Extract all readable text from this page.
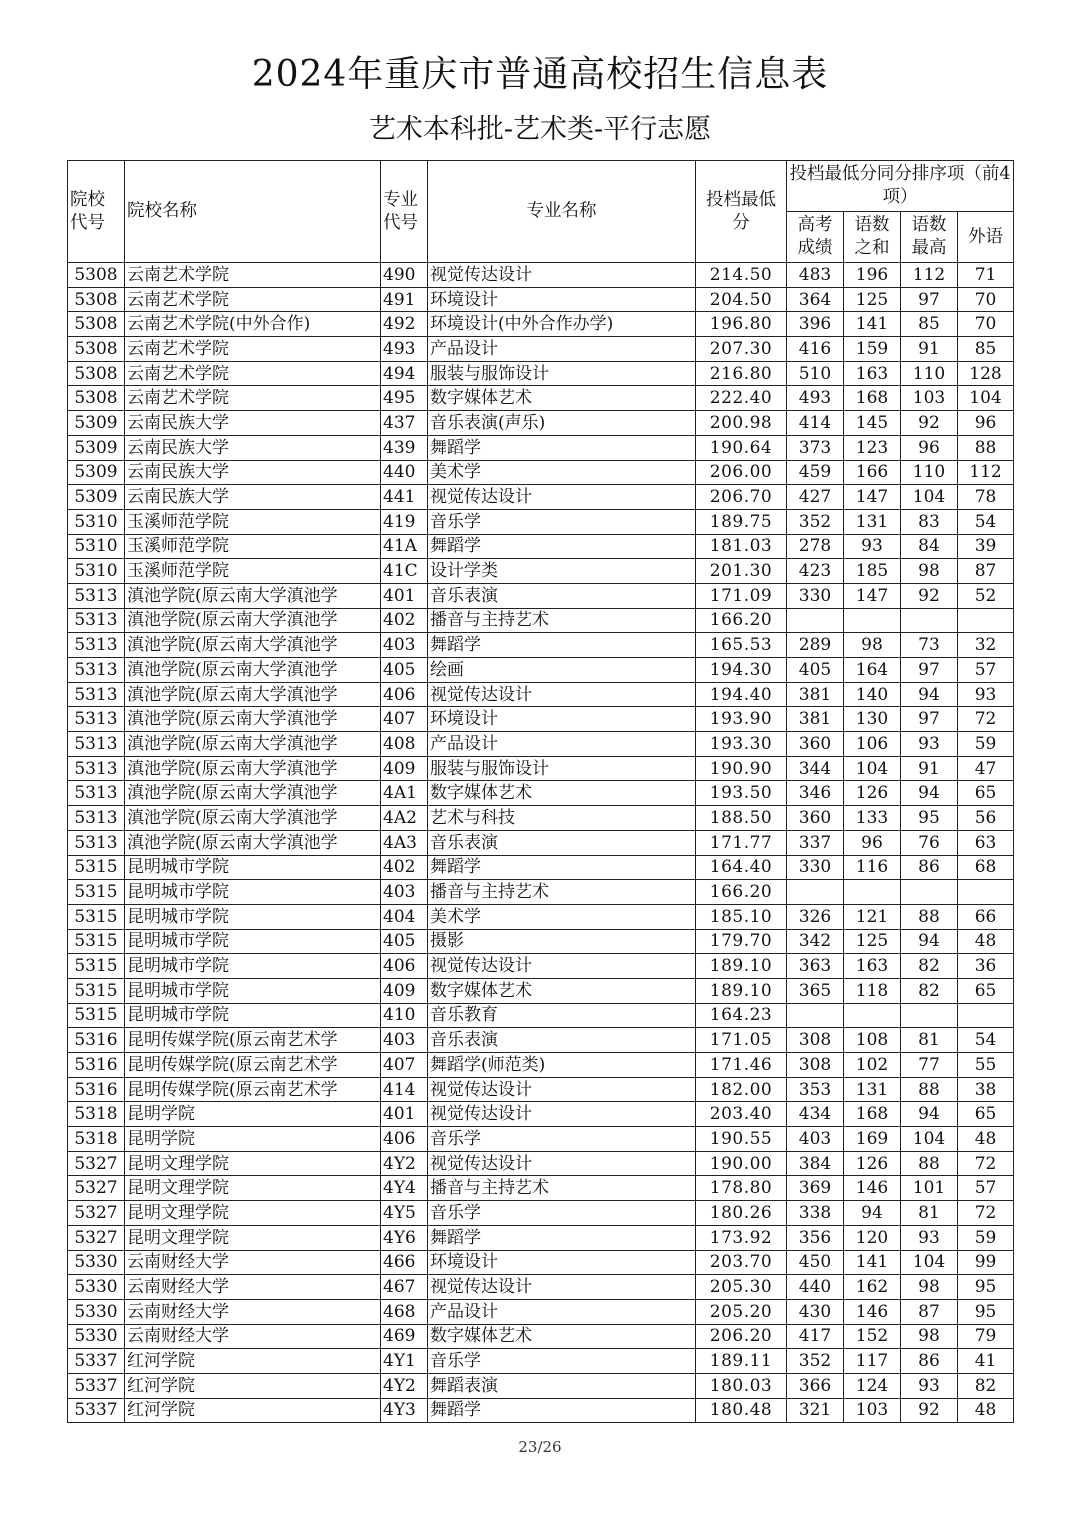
2024年重庆市普通高校招生信息表
艺术本科批-艺术类-平行志愿
院校代号	院校名称	专业代号	专业名称	投档最低分	投档最低分同分排序项（前4项）			
					高考成绩	语数之和	语数最高	外语
5308	云南艺术学院	490	视觉传达设计	214.50	483	196	112	71
5308	云南艺术学院	491	环境设计	204.50	364	125	97	70
5308	云南艺术学院(中外合作)	492	环境设计(中外合作办学)	196.80	396	141	85	70
5308	云南艺术学院	493	产品设计	207.30	416	159	91	85
5308	云南艺术学院	494	服装与服饰设计	216.80	510	163	110	128
5308	云南艺术学院	495	数字媒体艺术	222.40	493	168	103	104
5309	云南民族大学	437	音乐表演(声乐)	200.98	414	145	92	96
5309	云南民族大学	439	舞蹈学	190.64	373	123	96	88
5309	云南民族大学	440	美术学	206.00	459	166	110	112
5309	云南民族大学	441	视觉传达设计	206.70	427	147	104	78
5310	玉溪师范学院	419	音乐学	189.75	352	131	83	54
5310	玉溪师范学院	41A	舞蹈学	181.03	278	93	84	39
5310	玉溪师范学院	41C	设计学类	201.30	423	185	98	87
5313	滇池学院(原云南大学滇池学	401	音乐表演	171.09	330	147	92	52
5313	滇池学院(原云南大学滇池学	402	播音与主持艺术	166.20				
5313	滇池学院(原云南大学滇池学	403	舞蹈学	165.53	289	98	73	32
5313	滇池学院(原云南大学滇池学	405	绘画	194.30	405	164	97	57
5313	滇池学院(原云南大学滇池学	406	视觉传达设计	194.40	381	140	94	93
5313	滇池学院(原云南大学滇池学	407	环境设计	193.90	381	130	97	72
5313	滇池学院(原云南大学滇池学	408	产品设计	193.30	360	106	93	59
5313	滇池学院(原云南大学滇池学	409	服装与服饰设计	190.90	344	104	91	47
5313	滇池学院(原云南大学滇池学	4A1	数字媒体艺术	193.50	346	126	94	65
5313	滇池学院(原云南大学滇池学	4A2	艺术与科技	188.50	360	133	95	56
5313	滇池学院(原云南大学滇池学	4A3	音乐表演	171.77	337	96	76	63
5315	昆明城市学院	402	舞蹈学	164.40	330	116	86	68
5315	昆明城市学院	403	播音与主持艺术	166.20				
5315	昆明城市学院	404	美术学	185.10	326	121	88	66
5315	昆明城市学院	405	摄影	179.70	342	125	94	48
5315	昆明城市学院	406	视觉传达设计	189.10	363	163	82	36
5315	昆明城市学院	409	数字媒体艺术	189.10	365	118	82	65
5315	昆明城市学院	410	音乐教育	164.23				
5316	昆明传媒学院(原云南艺术学	403	音乐表演	171.05	308	108	81	54
5316	昆明传媒学院(原云南艺术学	407	舞蹈学(师范类)	171.46	308	102	77	55
5316	昆明传媒学院(原云南艺术学	414	视觉传达设计	182.00	353	131	88	38
5318	昆明学院	401	视觉传达设计	203.40	434	168	94	65
5318	昆明学院	406	音乐学	190.55	403	169	104	48
5327	昆明文理学院	4Y2	视觉传达设计	190.00	384	126	88	72
5327	昆明文理学院	4Y4	播音与主持艺术	178.80	369	146	101	57
5327	昆明文理学院	4Y5	音乐学	180.26	338	94	81	72
5327	昆明文理学院	4Y6	舞蹈学	173.92	356	120	93	59
5330	云南财经大学	466	环境设计	203.70	450	141	104	99
5330	云南财经大学	467	视觉传达设计	205.30	440	162	98	95
5330	云南财经大学	468	产品设计	205.20	430	146	87	95
5330	云南财经大学	469	数字媒体艺术	206.20	417	152	98	79
5337	红河学院	4Y1	音乐学	189.11	352	117	86	41
5337	红河学院	4Y2	舞蹈表演	180.03	366	124	93	82
5337	红河学院	4Y3	舞蹈学	180.48	321	103	92	48
23/26
